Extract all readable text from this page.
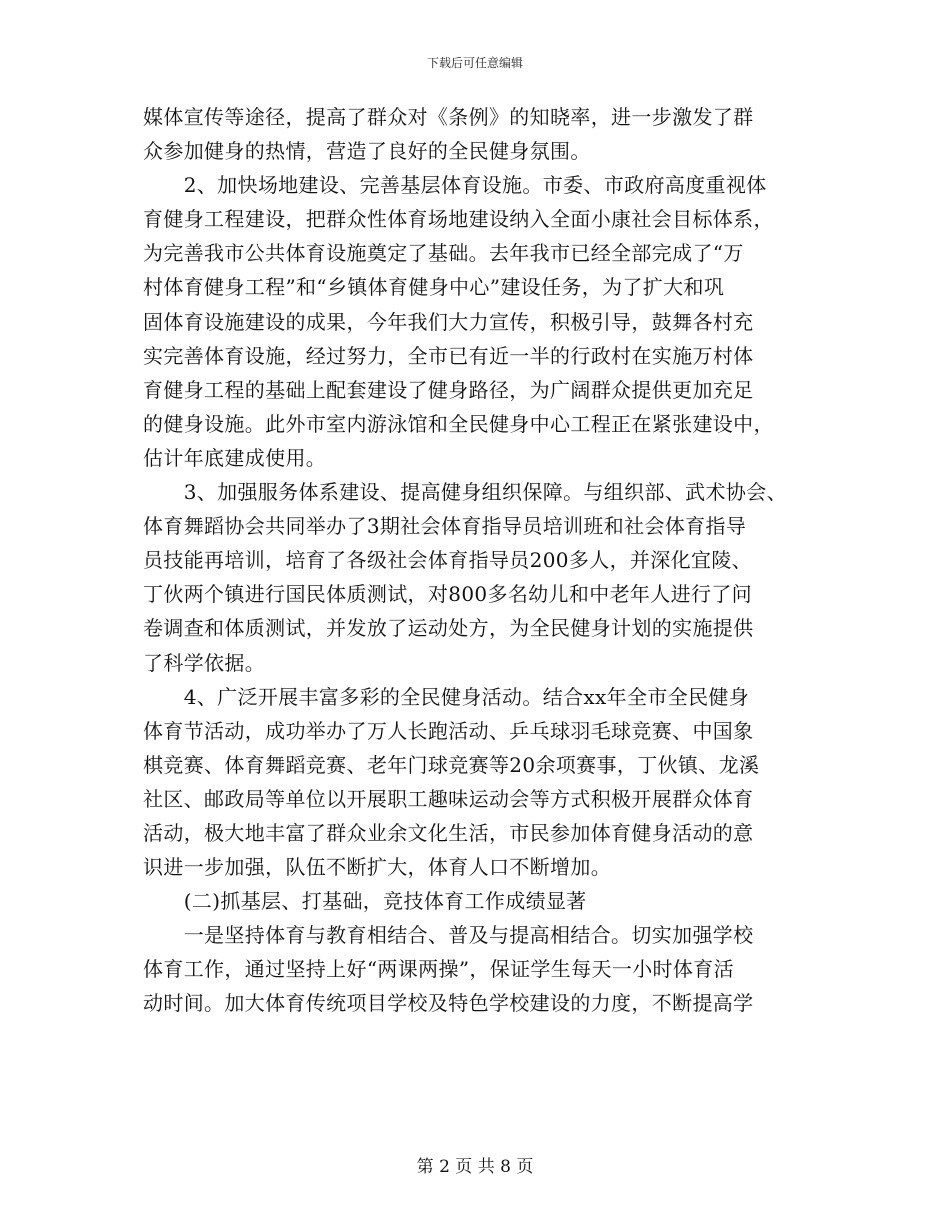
下载后可任意编辑
媒体宣传等途径，提高了群众对《条例》的知晓率，进一步激发了群
众参加健身的热情，营造了良好的全民健身氛围。
　　2、加快场地建设、完善基层体育设施。市委、市政府高度重视体
育健身工程建设，把群众性体育场地建设纳入全面小康社会目标体系，
为完善我市公共体育设施奠定了基础。去年我市已经全部完成了“万
村体育健身工程”和“乡镇体育健身中心”建设任务，为了扩大和巩
固体育设施建设的成果，今年我们大力宣传，积极引导，鼓舞各村充
实完善体育设施，经过努力，全市已有近一半的行政村在实施万村体
育健身工程的基础上配套建设了健身路径，为广阔群众提供更加充足
的健身设施。此外市室内游泳馆和全民健身中心工程正在紧张建设中，
估计年底建成使用。
　　3、加强服务体系建设、提高健身组织保障。与组织部、武术协会、
体育舞蹈协会共同举办了3期社会体育指导员培训班和社会体育指导
员技能再培训，培育了各级社会体育指导员200多人，并深化宜陵、
丁伙两个镇进行国民体质测试，对800多名幼儿和中老年人进行了问
卷调查和体质测试，并发放了运动处方，为全民健身计划的实施提供
了科学依据。
　　4、广泛开展丰富多彩的全民健身活动。结合xx年全市全民健身
体育节活动，成功举办了万人长跑活动、乒乓球羽毛球竞赛、中国象
棋竞赛、体育舞蹈竞赛、老年门球竞赛等20余项赛事，丁伙镇、龙溪
社区、邮政局等单位以开展职工趣味运动会等方式积极开展群众体育
活动，极大地丰富了群众业余文化生活，市民参加体育健身活动的意
识进一步加强，队伍不断扩大，体育人口不断增加。
　　(二)抓基层、打基础，竞技体育工作成绩显著
　　一是坚持体育与教育相结合、普及与提高相结合。切实加强学校
体育工作，通过坚持上好“两课两操”，保证学生每天一小时体育活
动时间。加大体育传统项目学校及特色学校建设的力度，不断提高学
第 2 页 共 8 页
